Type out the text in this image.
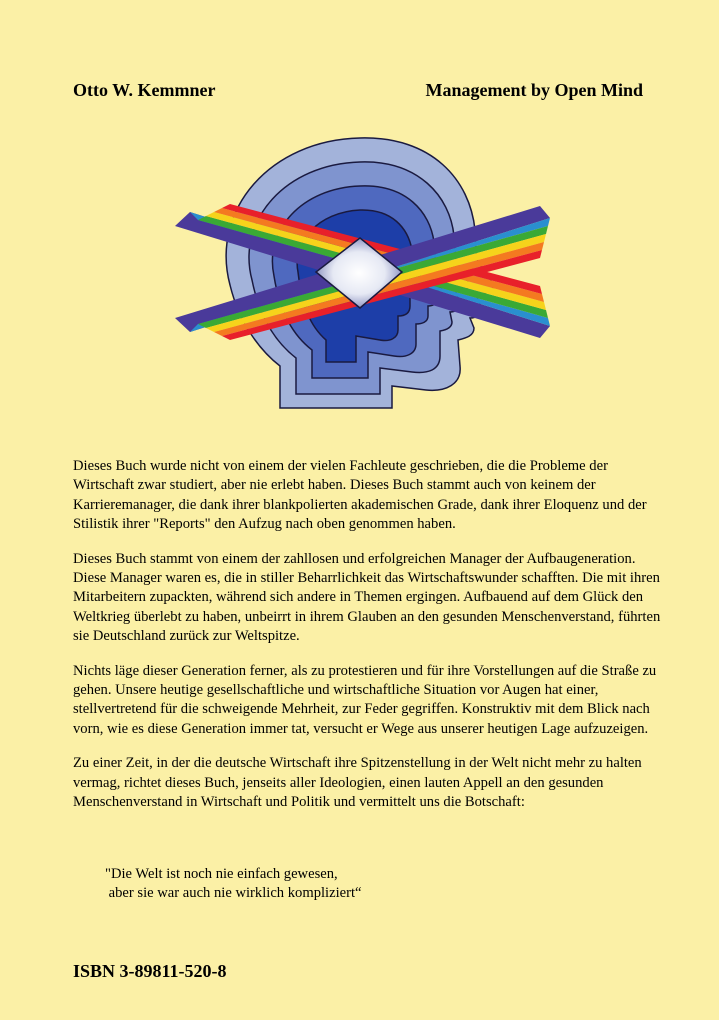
Otto W. Kemmner	Management by Open Mind

Dieses Buch wurde nicht von einem der vielen Fachleute geschrieben, die die Probleme der Wirtschaft zwar studiert, aber nie erlebt haben. Dieses Buch stammt auch von keinem der Karrieremanager, die dank ihrer blankpolierten akademischen Grade, dank ihrer Eloquenz und der Stilistik ihrer "Reports" den Aufzug nach oben genommen haben.

Dieses Buch stammt von einem der zahllosen und erfolgreichen Manager der Aufbaugeneration. Diese Manager waren es, die in stiller Beharrlichkeit das Wirtschaftswunder schafften. Die mit ihren Mitarbeitern zupackten, während sich andere in Themen ergingen. Aufbauend auf dem Glück den Weltkrieg überlebt zu haben, unbeirrt in ihrem Glauben an den gesunden Menschenverstand, führten sie Deutschland zurück zur Weltspitze.

Nichts läge dieser Generation ferner, als zu protestieren und für ihre Vorstellungen auf die Straße zu gehen. Unsere heutige gesellschaftliche und wirtschaftliche Situation vor Augen hat einer, stellvertretend für die schweigende Mehrheit, zur Feder gegriffen. Konstruktiv mit dem Blick nach vorn, wie es diese Generation immer tat, versucht er Wege aus unserer heutigen Lage aufzuzeigen.

Zu einer Zeit, in der die deutsche Wirtschaft ihre Spitzenstellung in der Welt nicht mehr zu halten vermag, richtet dieses Buch, jenseits aller Ideologien, einen lauten Appell an den gesunden Menschenverstand in Wirtschaft und Politik und vermittelt uns die Botschaft:

"Die Welt ist noch nie einfach gewesen,
aber sie war auch nie wirklich kompliziert“

ISBN 3-89811-520-8
